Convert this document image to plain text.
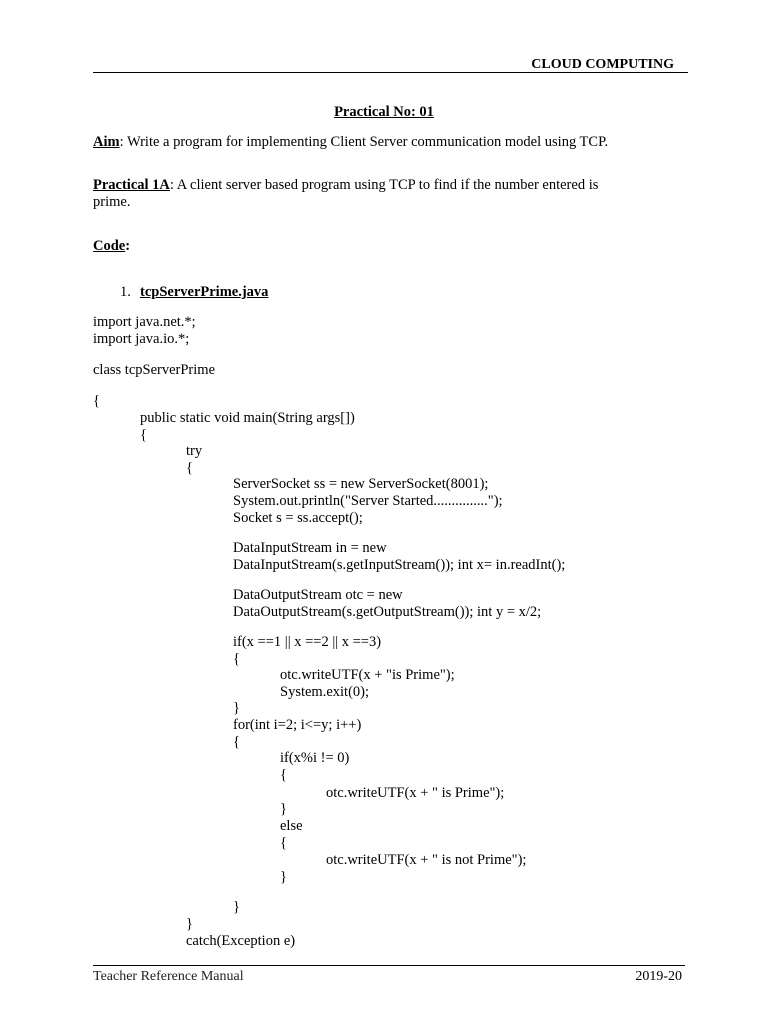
CLOUD COMPUTING
Practical No: 01
Aim: Write a program for implementing Client Server communication model using TCP.
Practical 1A: A client server based program using TCP to find if the number entered is
prime.
Code:
1. tcpServerPrime.java
import java.net.*;
import java.io.*;
class tcpServerPrime
{
public static void main(String args[])
{
try
{
ServerSocket ss = new ServerSocket(8001);
System.out.println("Server Started...............");
Socket s = ss.accept();
DataInputStream in = new
DataInputStream(s.getInputStream()); int x= in.readInt();
DataOutputStream otc = new
DataOutputStream(s.getOutputStream()); int y = x/2;
if(x ==1 || x ==2 || x ==3)
{
otc.writeUTF(x + "is Prime");
System.exit(0);
}
for(int i=2; i<=y; i++)
{
if(x%i != 0)
{
otc.writeUTF(x + " is Prime");
}
else
{
otc.writeUTF(x + " is not Prime");
}
}
}
catch(Exception e)
Teacher Reference Manual	2019-20
